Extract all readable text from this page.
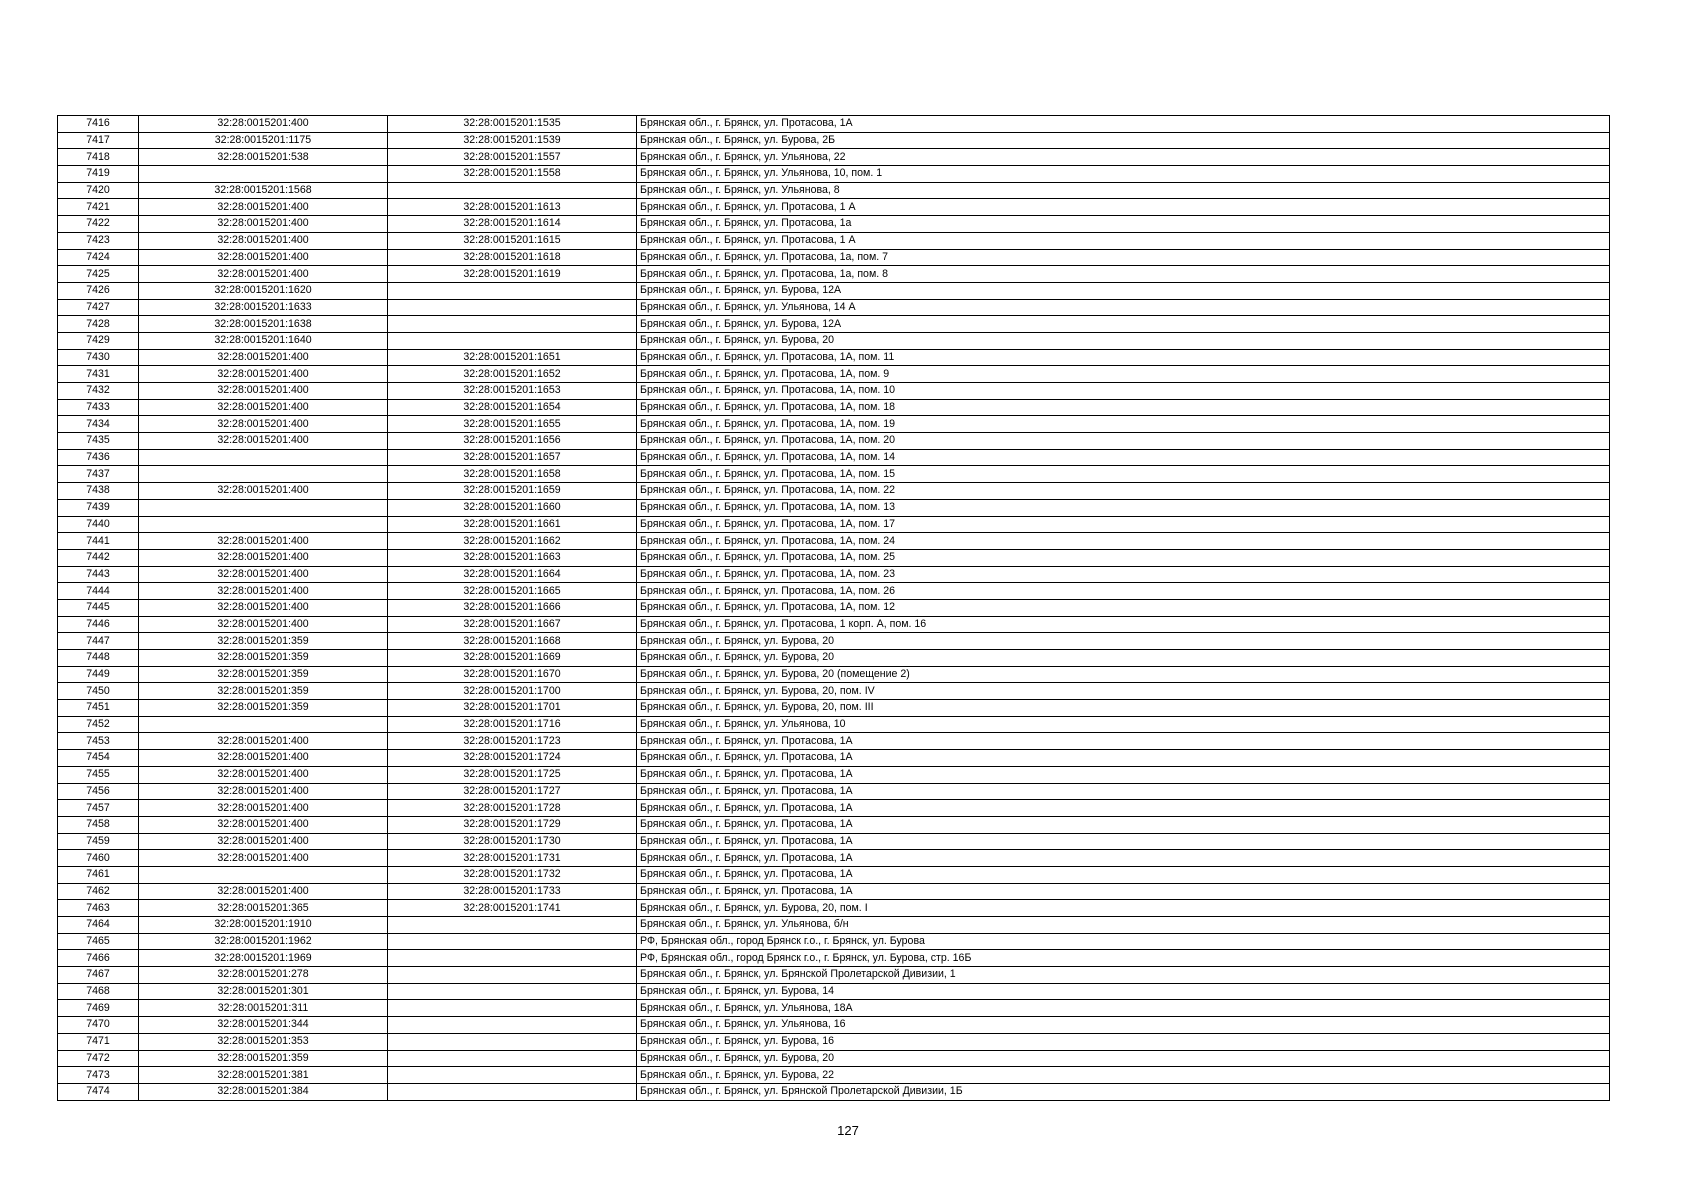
7416	32:28:0015201:400	32:28:0015201:1535	Брянская обл., г. Брянск, ул. Протасова, 1А
7417	32:28:0015201:1175	32:28:0015201:1539	Брянская обл., г. Брянск, ул. Бурова, 2Б
7418	32:28:0015201:538	32:28:0015201:1557	Брянская обл., г. Брянск, ул. Ульянова, 22
7419		32:28:0015201:1558	Брянская обл., г. Брянск, ул. Ульянова, 10, пом. 1
7420	32:28:0015201:1568		Брянская обл., г. Брянск, ул. Ульянова, 8
7421	32:28:0015201:400	32:28:0015201:1613	Брянская обл., г. Брянск, ул. Протасова, 1 А
7422	32:28:0015201:400	32:28:0015201:1614	Брянская обл., г. Брянск, ул. Протасова, 1а
7423	32:28:0015201:400	32:28:0015201:1615	Брянская обл., г. Брянск, ул. Протасова, 1 А
7424	32:28:0015201:400	32:28:0015201:1618	Брянская обл., г. Брянск, ул. Протасова, 1а, пом. 7
7425	32:28:0015201:400	32:28:0015201:1619	Брянская обл., г. Брянск, ул. Протасова, 1а, пом. 8
7426	32:28:0015201:1620		Брянская обл., г. Брянск, ул. Бурова, 12А
7427	32:28:0015201:1633		Брянская обл., г. Брянск, ул. Ульянова, 14 А
7428	32:28:0015201:1638		Брянская обл., г. Брянск, ул. Бурова, 12А
7429	32:28:0015201:1640		Брянская обл., г. Брянск, ул. Бурова, 20
7430	32:28:0015201:400	32:28:0015201:1651	Брянская обл., г. Брянск, ул. Протасова, 1А, пом. 11
7431	32:28:0015201:400	32:28:0015201:1652	Брянская обл., г. Брянск, ул. Протасова, 1А, пом. 9
7432	32:28:0015201:400	32:28:0015201:1653	Брянская обл., г. Брянск, ул. Протасова, 1А, пом. 10
7433	32:28:0015201:400	32:28:0015201:1654	Брянская обл., г. Брянск, ул. Протасова, 1А, пом. 18
7434	32:28:0015201:400	32:28:0015201:1655	Брянская обл., г. Брянск, ул. Протасова, 1А, пом. 19
7435	32:28:0015201:400	32:28:0015201:1656	Брянская обл., г. Брянск, ул. Протасова, 1А, пом. 20
7436		32:28:0015201:1657	Брянская обл., г. Брянск, ул. Протасова, 1А, пом. 14
7437		32:28:0015201:1658	Брянская обл., г. Брянск, ул. Протасова, 1А, пом. 15
7438	32:28:0015201:400	32:28:0015201:1659	Брянская обл., г. Брянск, ул. Протасова, 1А, пом. 22
7439		32:28:0015201:1660	Брянская обл., г. Брянск, ул. Протасова, 1А, пом. 13
7440		32:28:0015201:1661	Брянская обл., г. Брянск, ул. Протасова, 1А, пом. 17
7441	32:28:0015201:400	32:28:0015201:1662	Брянская обл., г. Брянск, ул. Протасова, 1А, пом. 24
7442	32:28:0015201:400	32:28:0015201:1663	Брянская обл., г. Брянск, ул. Протасова, 1А, пом. 25
7443	32:28:0015201:400	32:28:0015201:1664	Брянская обл., г. Брянск, ул. Протасова, 1А, пом. 23
7444	32:28:0015201:400	32:28:0015201:1665	Брянская обл., г. Брянск, ул. Протасова, 1А, пом. 26
7445	32:28:0015201:400	32:28:0015201:1666	Брянская обл., г. Брянск, ул. Протасова, 1А, пом. 12
7446	32:28:0015201:400	32:28:0015201:1667	Брянская обл., г. Брянск, ул. Протасова, 1 корп. А, пом. 16
7447	32:28:0015201:359	32:28:0015201:1668	Брянская обл., г. Брянск, ул. Бурова, 20
7448	32:28:0015201:359	32:28:0015201:1669	Брянская обл., г. Брянск, ул. Бурова, 20
7449	32:28:0015201:359	32:28:0015201:1670	Брянская обл., г. Брянск, ул. Бурова, 20 (помещение 2)
7450	32:28:0015201:359	32:28:0015201:1700	Брянская обл., г. Брянск, ул. Бурова, 20, пом. IV
7451	32:28:0015201:359	32:28:0015201:1701	Брянская обл., г. Брянск, ул. Бурова, 20, пом. III
7452		32:28:0015201:1716	Брянская обл., г. Брянск, ул. Ульянова, 10
7453	32:28:0015201:400	32:28:0015201:1723	Брянская обл., г. Брянск, ул. Протасова, 1А
7454	32:28:0015201:400	32:28:0015201:1724	Брянская обл., г. Брянск, ул. Протасова, 1А
7455	32:28:0015201:400	32:28:0015201:1725	Брянская обл., г. Брянск, ул. Протасова, 1А
7456	32:28:0015201:400	32:28:0015201:1727	Брянская обл., г. Брянск, ул. Протасова, 1А
7457	32:28:0015201:400	32:28:0015201:1728	Брянская обл., г. Брянск, ул. Протасова, 1А
7458	32:28:0015201:400	32:28:0015201:1729	Брянская обл., г. Брянск, ул. Протасова, 1А
7459	32:28:0015201:400	32:28:0015201:1730	Брянская обл., г. Брянск, ул. Протасова, 1А
7460	32:28:0015201:400	32:28:0015201:1731	Брянская обл., г. Брянск, ул. Протасова, 1А
7461		32:28:0015201:1732	Брянская обл., г. Брянск, ул. Протасова, 1А
7462	32:28:0015201:400	32:28:0015201:1733	Брянская обл., г. Брянск, ул. Протасова, 1А
7463	32:28:0015201:365	32:28:0015201:1741	Брянская обл., г. Брянск, ул. Бурова, 20, пом. I
7464	32:28:0015201:1910		Брянская обл., г. Брянск, ул. Ульянова, б/н
7465	32:28:0015201:1962		РФ, Брянская обл., город Брянск г.о., г. Брянск, ул. Бурова
7466	32:28:0015201:1969		РФ, Брянская обл., город Брянск г.о., г. Брянск, ул. Бурова, стр. 16Б
7467	32:28:0015201:278		Брянская обл., г. Брянск, ул. Брянской Пролетарской Дивизии, 1
7468	32:28:0015201:301		Брянская обл., г. Брянск, ул. Бурова, 14
7469	32:28:0015201:311		Брянская обл., г. Брянск, ул. Ульянова, 18А
7470	32:28:0015201:344		Брянская обл., г. Брянск, ул. Ульянова, 16
7471	32:28:0015201:353		Брянская обл., г. Брянск, ул. Бурова, 16
7472	32:28:0015201:359		Брянская обл., г. Брянск, ул. Бурова, 20
7473	32:28:0015201:381		Брянская обл., г. Брянск, ул. Бурова, 22
7474	32:28:0015201:384		Брянская обл., г. Брянск, ул. Брянской Пролетарской Дивизии, 1Б
127
